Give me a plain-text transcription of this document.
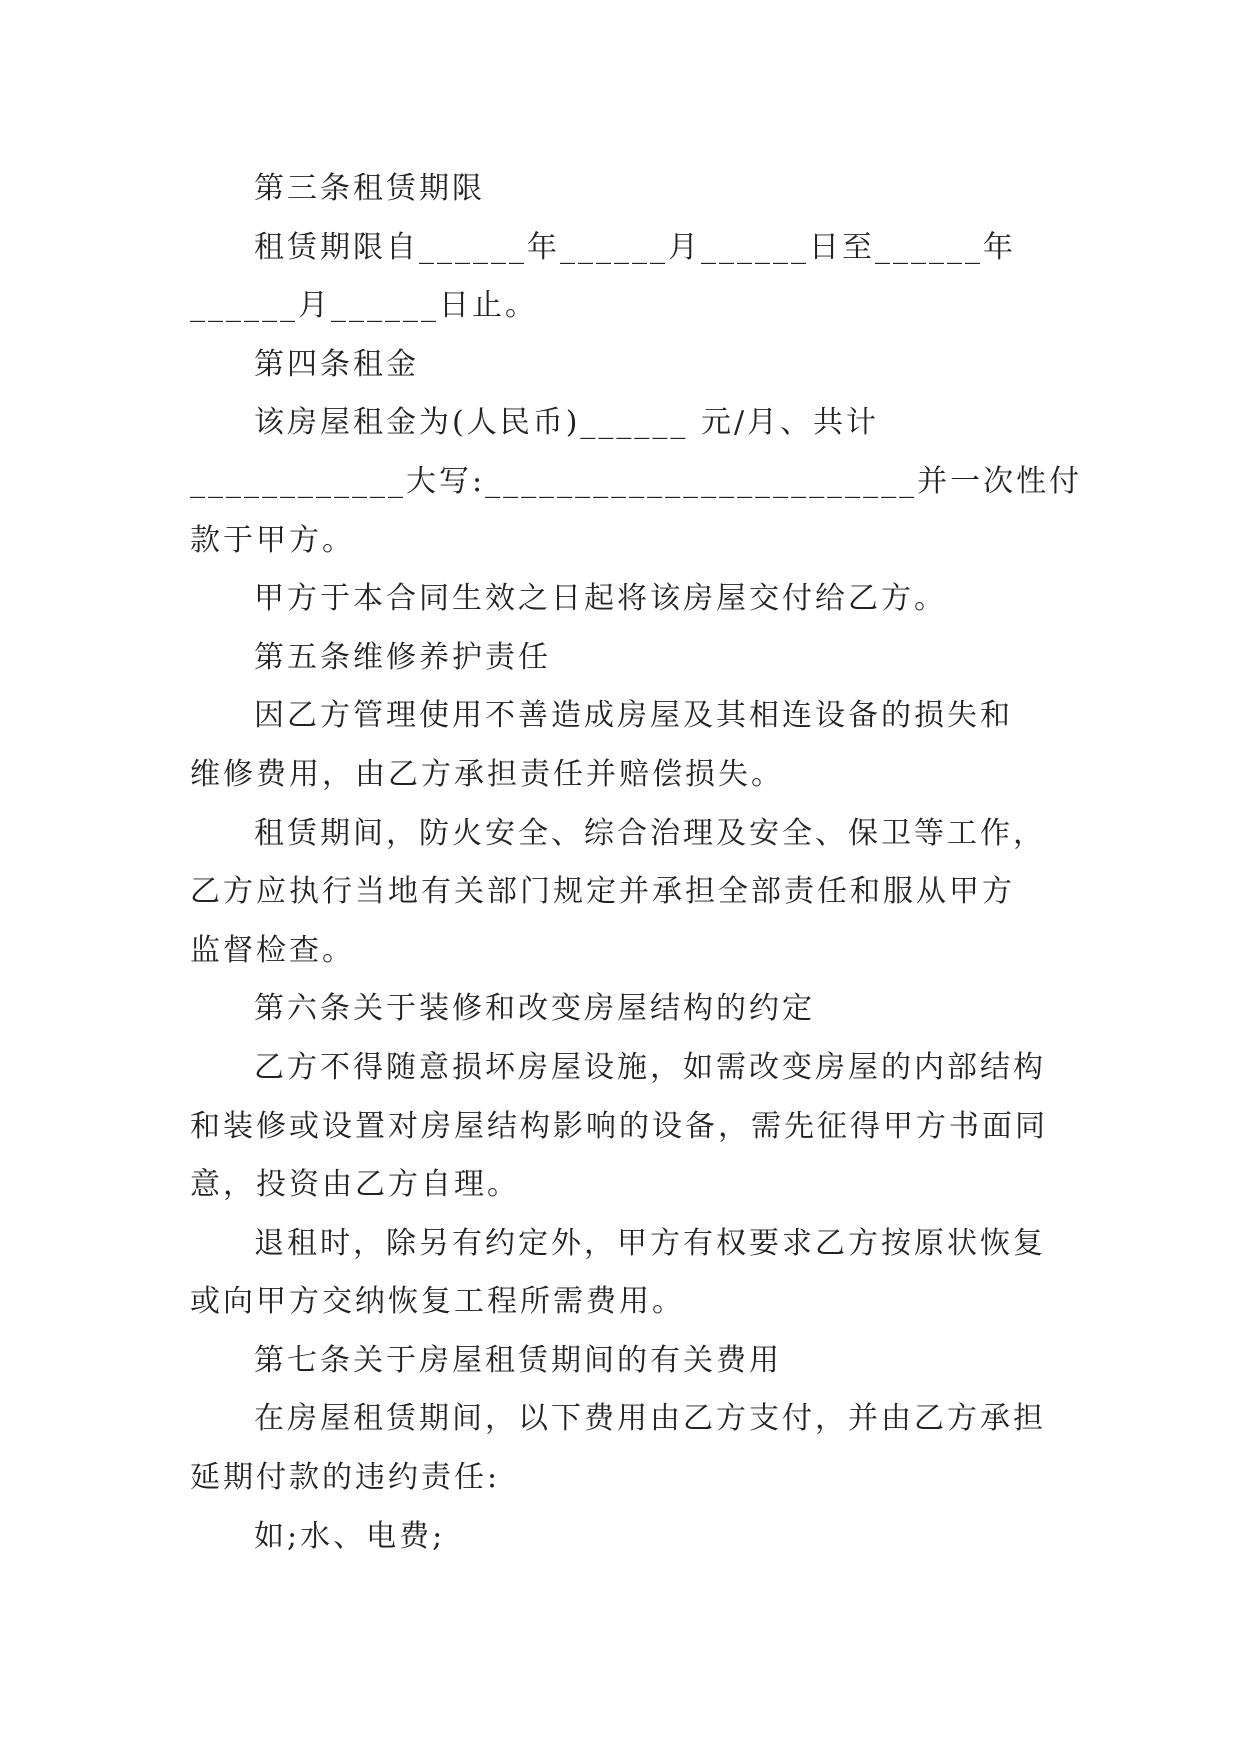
第三条租赁期限
租赁期限自______年______月______日至______年
______月______日止。
第四条租金
该房屋租金为(人民币)______ 元/月、共计
____________大写:________________________并一次性付
款于甲方。
甲方于本合同生效之日起将该房屋交付给乙方。
第五条维修养护责任
因乙方管理使用不善造成房屋及其相连设备的损失和
维修费用，由乙方承担责任并赔偿损失。
租赁期间，防火安全、综合治理及安全、保卫等工作，
乙方应执行当地有关部门规定并承担全部责任和服从甲方
监督检查。
第六条关于装修和改变房屋结构的约定
乙方不得随意损坏房屋设施，如需改变房屋的内部结构
和装修或设置对房屋结构影响的设备，需先征得甲方书面同
意，投资由乙方自理。
退租时，除另有约定外，甲方有权要求乙方按原状恢复
或向甲方交纳恢复工程所需费用。
第七条关于房屋租赁期间的有关费用
在房屋租赁期间，以下费用由乙方支付，并由乙方承担
延期付款的违约责任:
如;水、电费;
